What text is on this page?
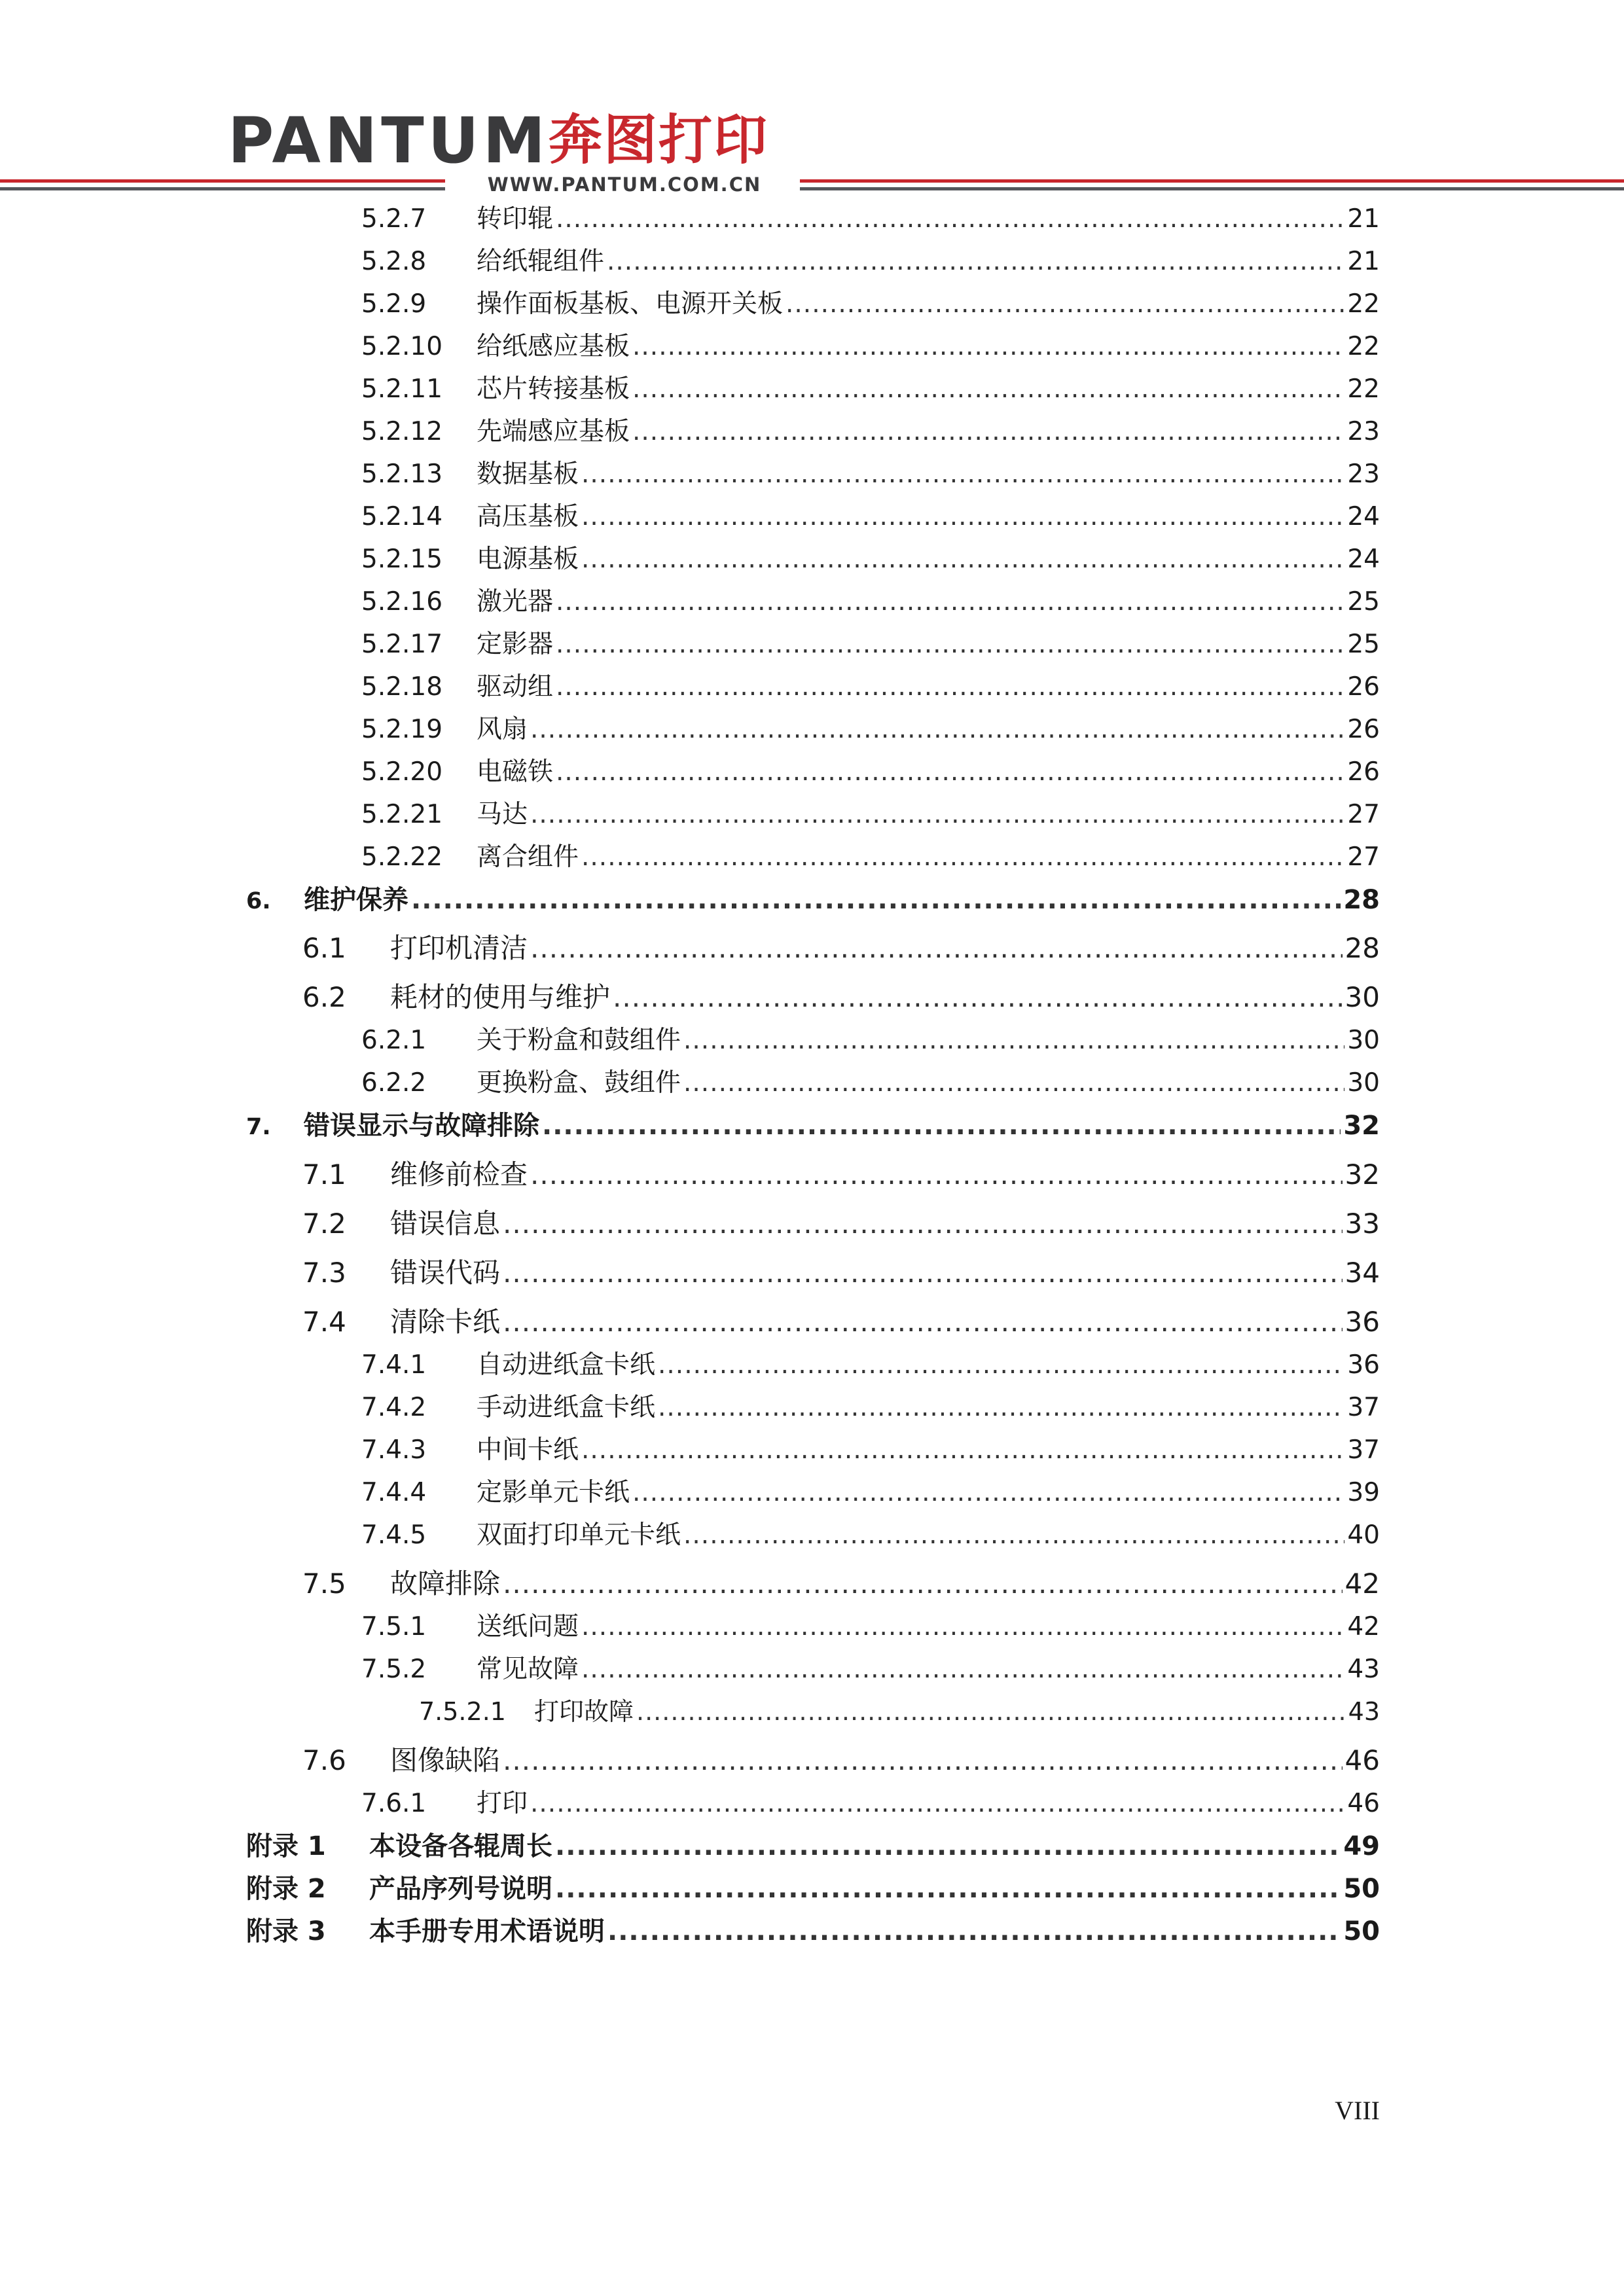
PANTUM
奔图打印
WWW.PANTUM.COM.CN
5.2.7	转印辊 .....	21
5.2.8	给纸辊组件 .....	21
5.2.9	操作面板基板、电源开关板 .....	22
5.2.10	给纸感应基板 .....	22
5.2.11	芯片转接基板 .....	22
5.2.12	先端感应基板 .....	23
5.2.13	数据基板 .....	23
5.2.14	高压基板 .....	24
5.2.15	电源基板 .....	24
5.2.16	激光器 .....	25
5.2.17	定影器 .....	25
5.2.18	驱动组 .....	26
5.2.19	风扇 .....	26
5.2.20	电磁铁 .....	26
5.2.21	马达 .....	27
5.2.22	离合组件 .....	27
6.	维护保养 .....	28
6.1	打印机清洁 .....	28
6.2	耗材的使用与维护 .....	30
6.2.1	关于粉盒和鼓组件 .....	30
6.2.2	更换粉盒、鼓组件 .....	30
7.	错误显示与故障排除 .....	32
7.1	维修前检查 .....	32
7.2	错误信息 .....	33
7.3	错误代码 .....	34
7.4	清除卡纸 .....	36
7.4.1	自动进纸盒卡纸 .....	36
7.4.2	手动进纸盒卡纸 .....	37
7.4.3	中间卡纸 .....	37
7.4.4	定影单元卡纸 .....	39
7.4.5	双面打印单元卡纸 .....	40
7.5	故障排除 .....	42
7.5.1	送纸问题 .....	42
7.5.2	常见故障 .....	43
7.5.2.1	打印故障 .....	43
7.6	图像缺陷 .....	46
7.6.1	打印 .....	46
附录 1	本设备各辊周长 .....	49
附录 2	产品序列号说明 .....	50
附录 3	本手册专用术语说明 .....	50
VIII
